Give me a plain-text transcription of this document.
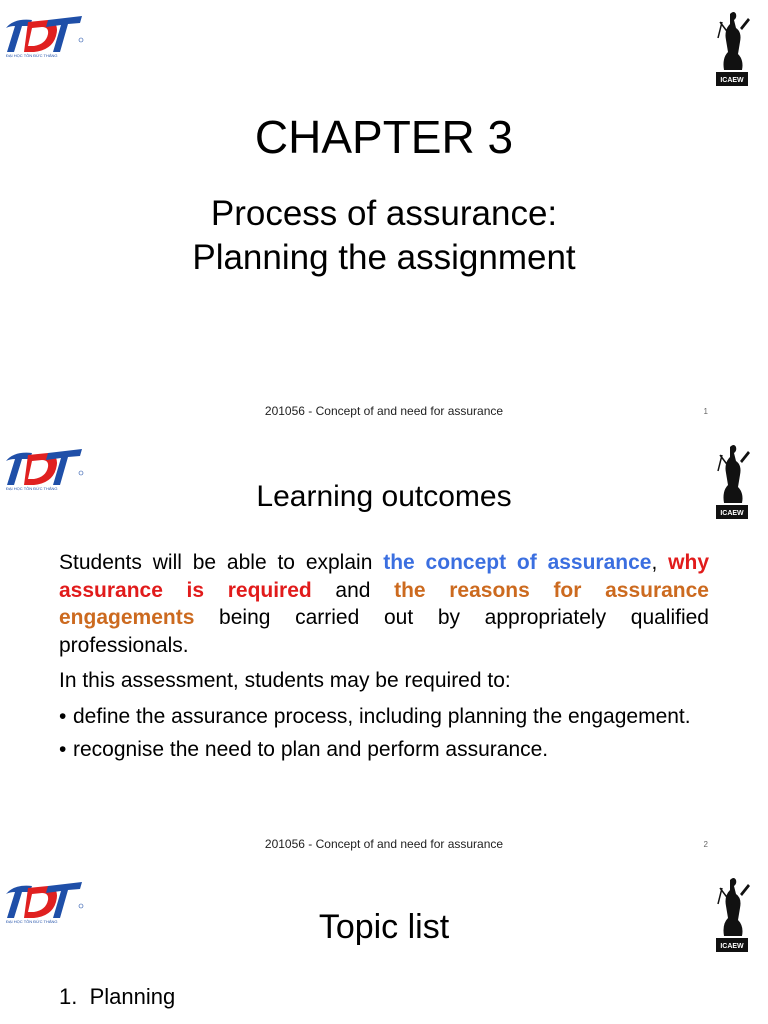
ĐẠI HỌC TÔN ĐỨC THẮNG
ICAEW
CHAPTER 3
Process of assurance:
Planning the assignment
201056 - Concept of and need for assurance	1
ĐẠI HỌC TÔN ĐỨC THẮNG
ICAEW
Learning outcomes

Students will be able to explain the concept of assurance, why assurance is required and the reasons for assurance engagements being carried out by appropriately qualified professionals.

In this assessment, students may be required to:

• define the assurance process, including planning the engagement.
• recognise the need to plan and perform assurance.
201056 - Concept of and need for assurance	2
ĐẠI HỌC TÔN ĐỨC THẮNG
ICAEW
Topic list
1.  Planning
